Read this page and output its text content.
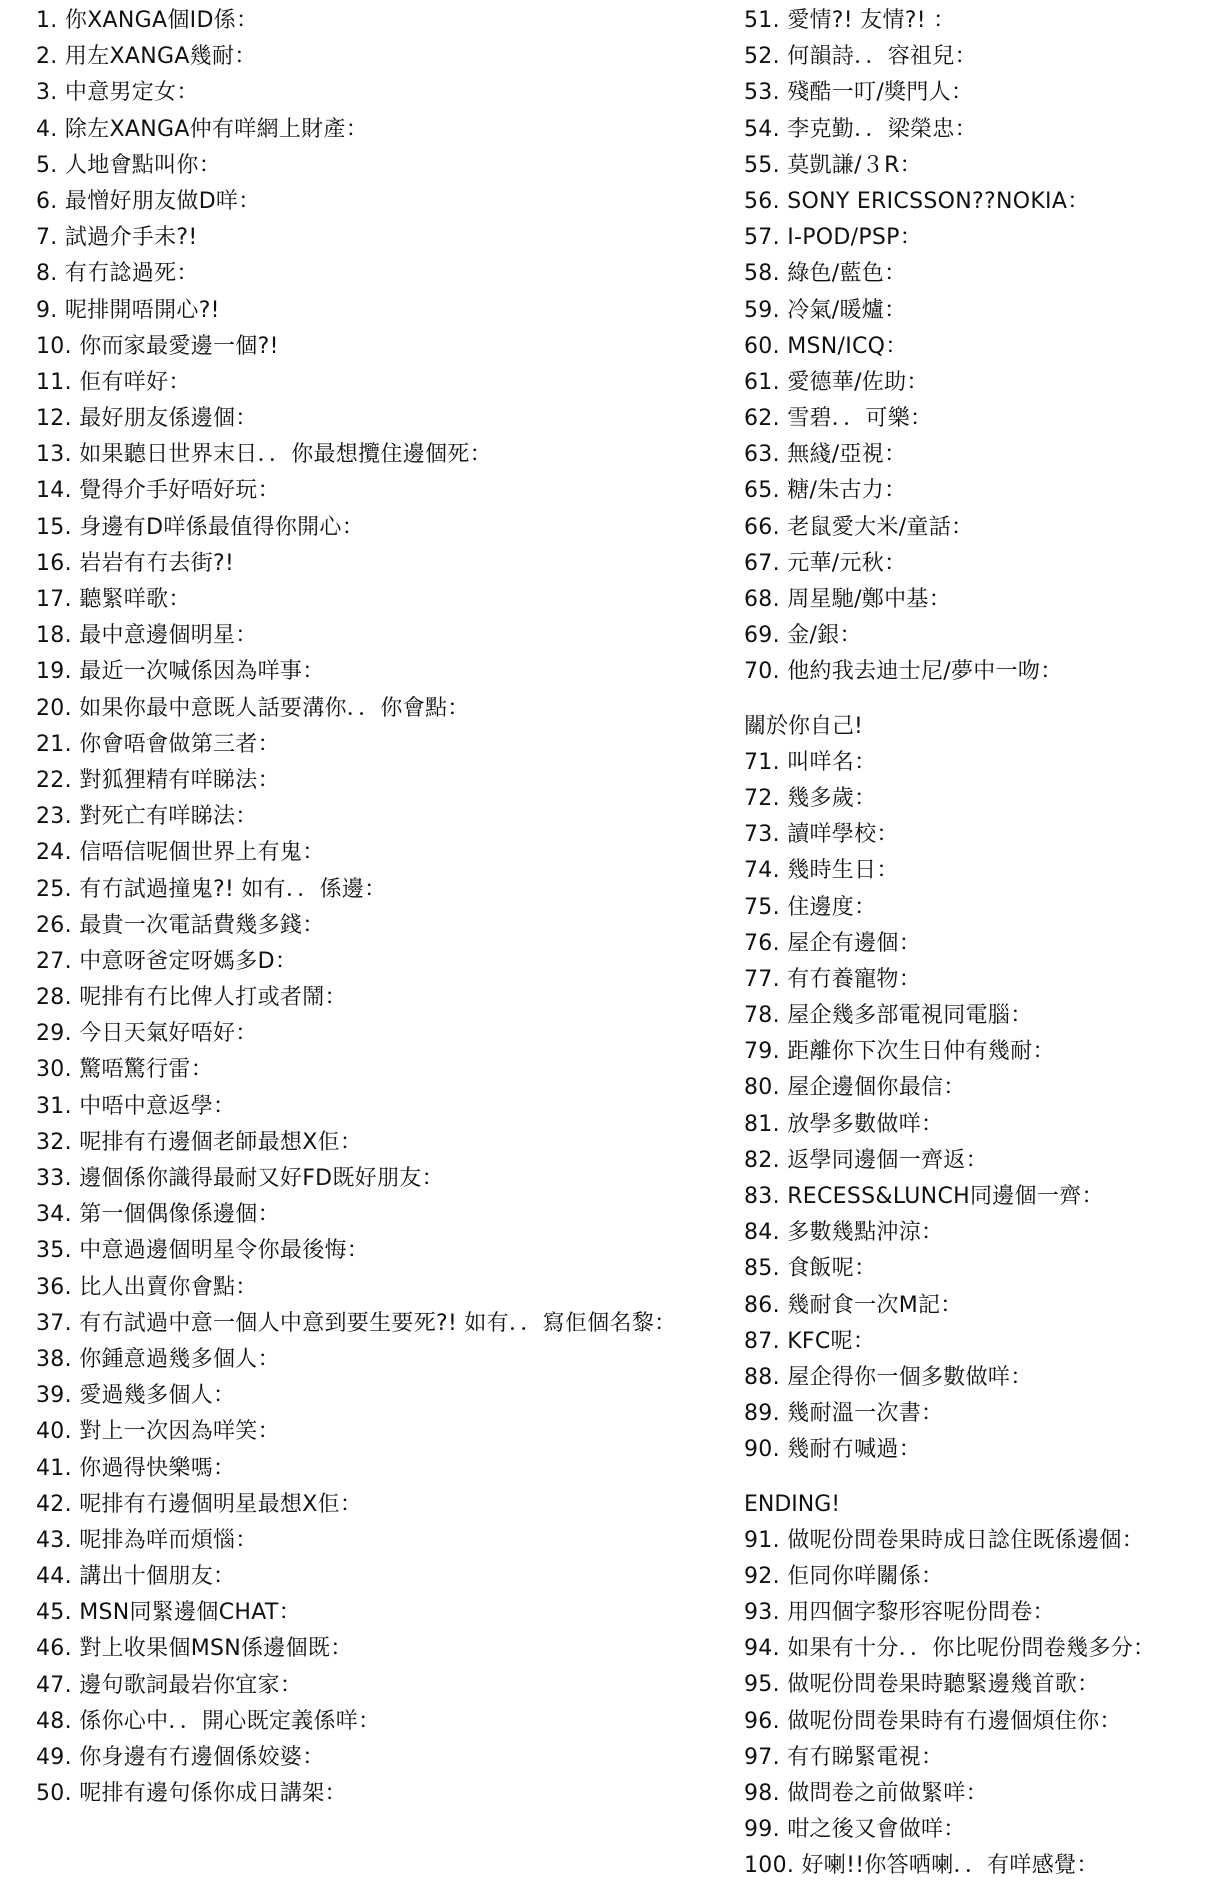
1. 你XANGA個ID係：
2. 用左XANGA幾耐：
3. 中意男定女：
4. 除左XANGA仲有咩網上財產：
5. 人地會點叫你：
6. 最憎好朋友做D咩：
7. 試過介手未?!
8. 有冇諗過死：
9. 呢排開唔開心?!
10. 你而家最愛邊一個?!
11. 佢有咩好：
12. 最好朋友係邊個：
13. 如果聽日世界末日．．你最想攬住邊個死：
14. 覺得介手好唔好玩：
15. 身邊有D咩係最值得你開心：
16. 岩岩有冇去街?!
17. 聽緊咩歌：
18. 最中意邊個明星：
19. 最近一次喊係因為咩事：
20. 如果你最中意既人話要溝你．．你會點：
21. 你會唔會做第三者：
22. 對狐狸精有咩睇法：
23. 對死亡有咩睇法：
24. 信唔信呢個世界上有鬼：
25. 有冇試過撞鬼?! 如有．．係邊：
26. 最貴一次電話費幾多錢：
27. 中意呀爸定呀媽多D：
28. 呢排有冇比俾人打或者鬧：
29. 今日天氣好唔好：
30. 驚唔驚行雷：
31. 中唔中意返學：
32. 呢排有冇邊個老師最想X佢：
33. 邊個係你識得最耐又好FD既好朋友：
34. 第一個偶像係邊個：
35. 中意過邊個明星令你最後悔：
36. 比人出賣你會點：
37. 有冇試過中意一個人中意到要生要死?! 如有．．寫佢個名黎：
38. 你鍾意過幾多個人：
39. 愛過幾多個人：
40. 對上一次因為咩笑：
41. 你過得快樂嗎：
42. 呢排有冇邊個明星最想X佢：
43. 呢排為咩而煩惱：
44. 講出十個朋友：
45. MSN同緊邊個CHAT：
46. 對上收果個MSN係邊個既：
47. 邊句歌詞最岩你宜家：
48. 係你心中．．開心既定義係咩：
49. 你身邊有冇邊個係姣婆：
50. 呢排有邊句係你成日講架：
51. 愛情?! 友情?! ：
52. 何韻詩．．容祖兒：
53. 殘酷一叮/獎門人：
54. 李克勤．．梁榮忠：
55. 莫凱謙/３R：
56. SONY ERICSSON??NOKIA：
57. I-POD/PSP：
58. 綠色/藍色：
59. 冷氣/暖爐：
60. MSN/ICQ：
61. 愛德華/佐助：
62. 雪碧．．可樂：
63. 無綫/亞視：
65. 糖/朱古力：
66. 老鼠愛大米/童話：
67. 元華/元秋：
68. 周星馳/鄭中基：
69. 金/銀：
70. 他約我去迪士尼/夢中一吻：
關於你自己!
71. 叫咩名：
72. 幾多歲：
73. 讀咩學校：
74. 幾時生日：
75. 住邊度：
76. 屋企有邊個：
77. 有冇養寵物：
78. 屋企幾多部電視同電腦：
79. 距離你下次生日仲有幾耐：
80. 屋企邊個你最信：
81. 放學多數做咩：
82. 返學同邊個一齊返：
83. RECESS&LUNCH同邊個一齊：
84. 多數幾點沖涼：
85. 食飯呢：
86. 幾耐食一次M記：
87. KFC呢：
88. 屋企得你一個多數做咩：
89. 幾耐溫一次書：
90. 幾耐冇喊過：
ENDING!
91. 做呢份問卷果時成日諗住既係邊個：
92. 佢同你咩關係：
93. 用四個字黎形容呢份問卷：
94. 如果有十分．．你比呢份問卷幾多分：
95. 做呢份問卷果時聽緊邊幾首歌：
96. 做呢份問卷果時有冇邊個煩住你：
97. 有冇睇緊電視：
98. 做問卷之前做緊咩：
99. 咁之後又會做咩：
100. 好喇!!你答哂喇．．有咩感覺：
